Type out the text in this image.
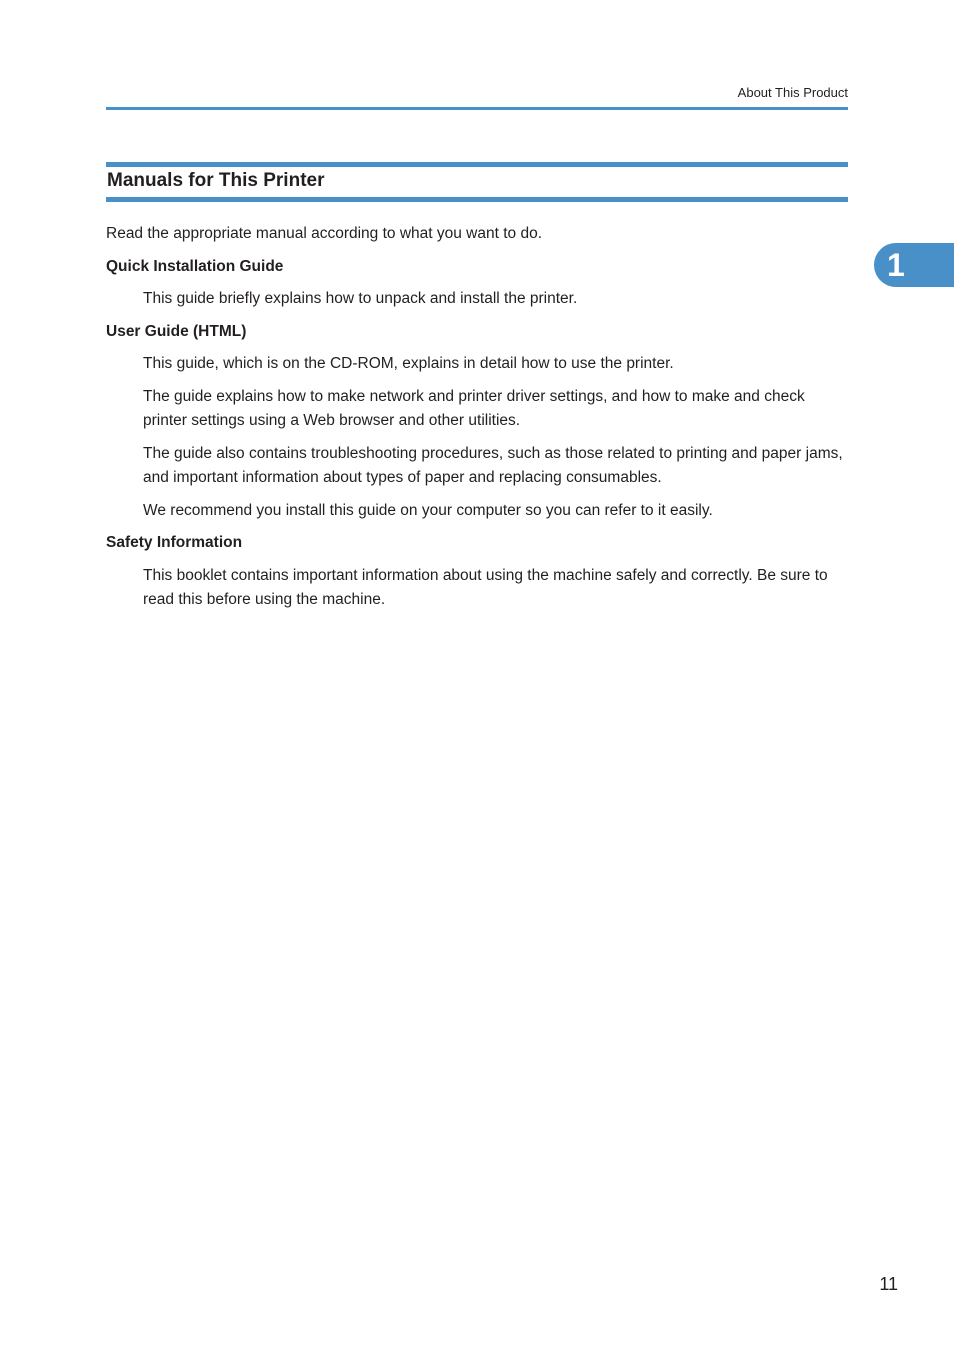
About This Product
Manuals for This Printer

Read the appropriate manual according to what you want to do.

Quick Installation Guide

This guide briefly explains how to unpack and install the printer.

User Guide (HTML)

This guide, which is on the CD-ROM, explains in detail how to use the printer.

The guide explains how to make network and printer driver settings, and how to make and check printer settings using a Web browser and other utilities.

The guide also contains troubleshooting procedures, such as those related to printing and paper jams, and important information about types of paper and replacing consumables.

We recommend you install this guide on your computer so you can refer to it easily.

Safety Information

This booklet contains important information about using the machine safely and correctly. Be sure to read this before using the machine.

1
11
